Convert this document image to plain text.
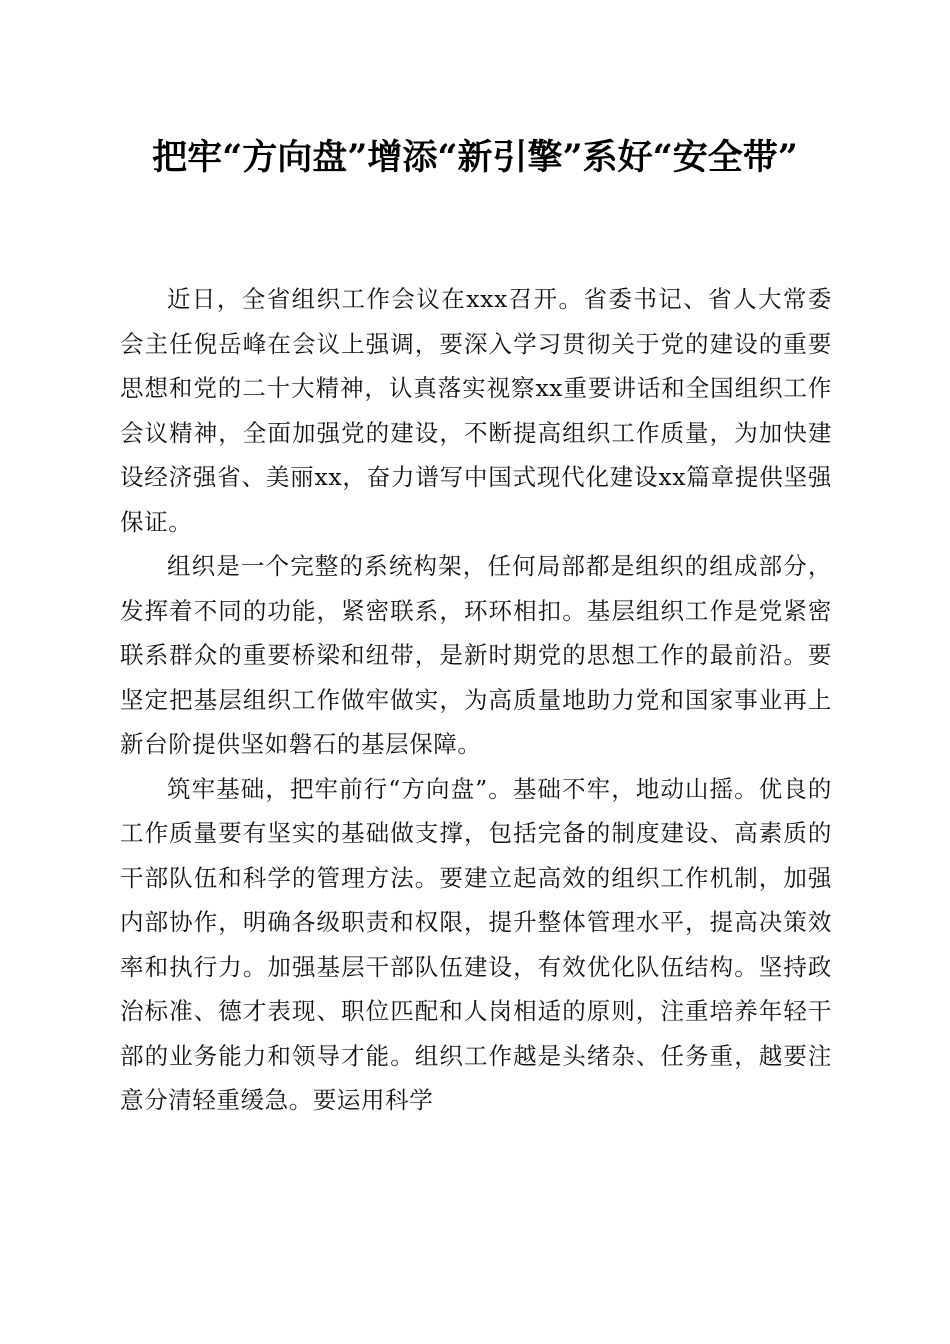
把牢“方向盘”增添“新引擎”系好“安全带”

近日，全省组织工作会议在xxx召开。省委书记、省人大常委会主任倪岳峰在会议上强调，要深入学习贯彻关于党的建设的重要思想和党的二十大精神，认真落实视察xx重要讲话和全国组织工作会议精神，全面加强党的建设，不断提高组织工作质量，为加快建设经济强省、美丽xx，奋力谱写中国式现代化建设xx篇章提供坚强保证。

组织是一个完整的系统构架，任何局部都是组织的组成部分，发挥着不同的功能，紧密联系，环环相扣。基层组织工作是党紧密联系群众的重要桥梁和纽带，是新时期党的思想工作的最前沿。要坚定把基层组织工作做牢做实，为高质量地助力党和国家事业再上新台阶提供坚如磐石的基层保障。

筑牢基础，把牢前行“方向盘”。基础不牢，地动山摇。优良的工作质量要有坚实的基础做支撑，包括完备的制度建设、高素质的干部队伍和科学的管理方法。要建立起高效的组织工作机制，加强内部协作，明确各级职责和权限，提升整体管理水平，提高决策效率和执行力。加强基层干部队伍建设，有效优化队伍结构。坚持政治标准、德才表现、职位匹配和人岗相适的原则，注重培养年轻干部的业务能力和领导才能。组织工作越是头绪杂、任务重，越要注意分清轻重缓急。要运用科学
